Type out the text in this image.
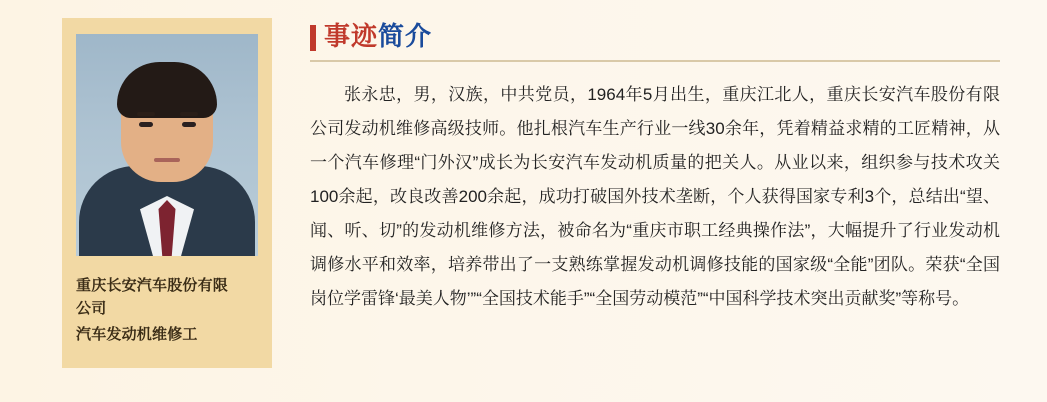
重庆长安汽车股份有限
公司
汽车发动机维修工
事迹简介

张永忠，男，汉族，中共党员，1964年5月出生，重庆江北人，重庆长安汽车股份有限公司发动机维修高级技师。他扎根汽车生产行业一线30余年，凭着精益求精的工匠精神，从一个汽车修理“门外汉”成长为长安汽车发动机质量的把关人。从业以来，组织参与技术攻关100余起，改良改善200余起，成功打破国外技术垄断，个人获得国家专利3个，总结出“望、闻、听、切”的发动机维修方法，被命名为“重庆市职工经典操作法”，大幅提升了行业发动机调修水平和效率，培养带出了一支熟练掌握发动机调修技能的国家级“全能”团队。荣获“全国岗位学雷锋‘最美人物’”“全国技术能手”“全国劳动模范”“中国科学技术突出贡献奖”等称号。
